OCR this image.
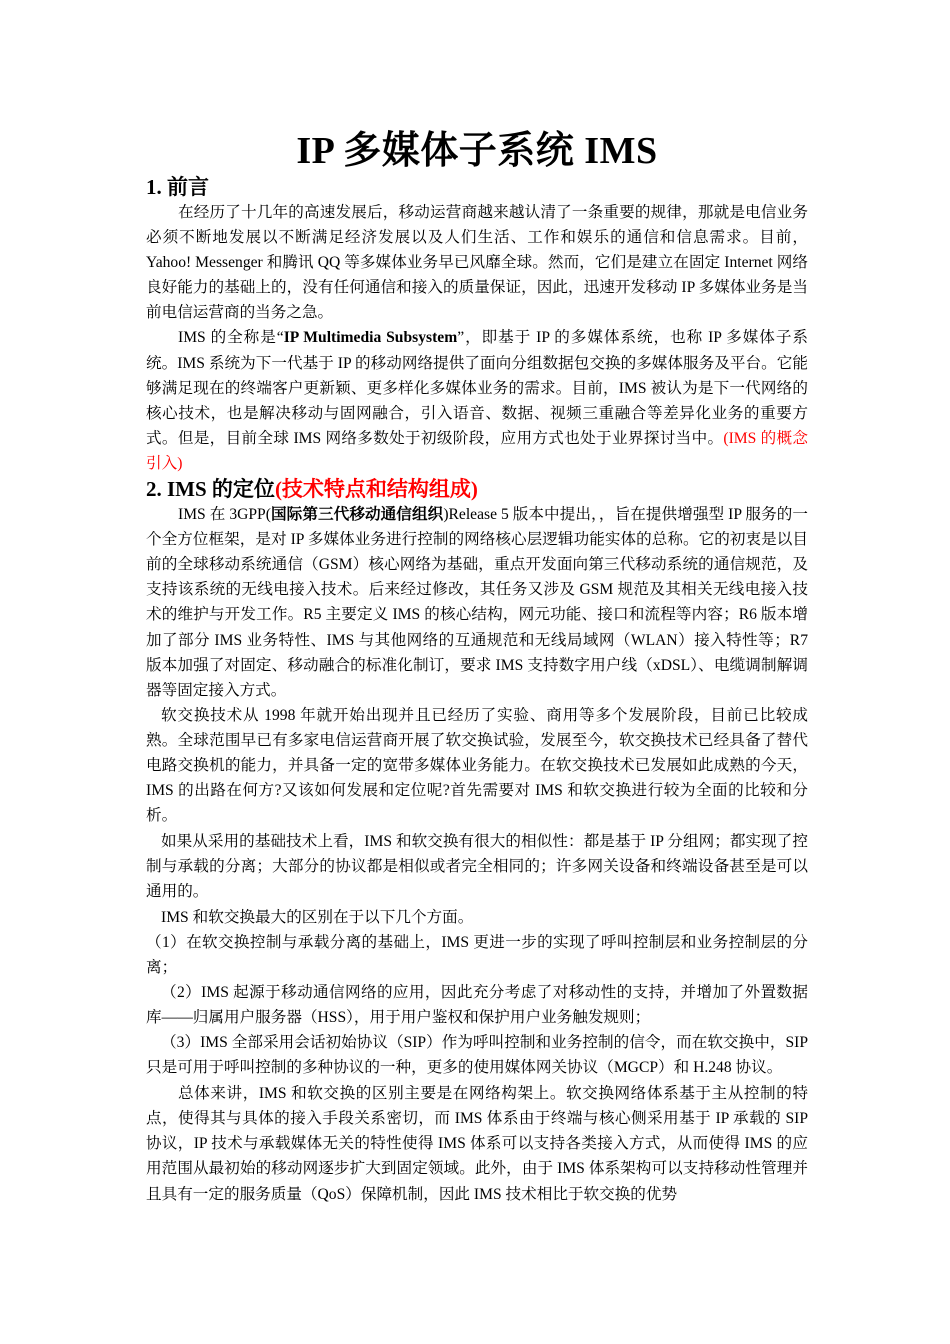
IP 多媒体子系统 IMS
1. 前言

在经历了十几年的高速发展后，移动运营商越来越认清了一条重要的规律，那就是电信业务必须不断地发展以不断满足经济发展以及人们生活、工作和娱乐的通信和信息需求。目前，Yahoo! Messenger 和腾讯 QQ 等多媒体业务早已风靡全球。然而，它们是建立在固定 Internet 网络良好能力的基础上的，没有任何通信和接入的质量保证，因此，迅速开发移动 IP 多媒体业务是当前电信运营商的当务之急。

IMS 的全称是“IP Multimedia Subsystem”，即基于 IP 的多媒体系统，也称 IP 多媒体子系统。IMS 系统为下一代基于 IP 的移动网络提供了面向分组数据包交换的多媒体服务及平台。它能够满足现在的终端客户更新颖、更多样化多媒体业务的需求。目前，IMS 被认为是下一代网络的核心技术，也是解决移动与固网融合，引入语音、数据、视频三重融合等差异化业务的重要方式。但是，目前全球 IMS 网络多数处于初级阶段，应用方式也处于业界探讨当中。(IMS 的概念引入)

2. IMS 的定位(技术特点和结构组成)

IMS 在 3GPP(国际第三代移动通信组织)Release 5 版本中提出，，旨在提供增强型 IP 服务的一个全方位框架，是对 IP 多媒体业务进行控制的网络核心层逻辑功能实体的总称。它的初衷是以目前的全球移动系统通信（GSM）核心网络为基础，重点开发面向第三代移动系统的通信规范，及支持该系统的无线电接入技术。后来经过修改，其任务又涉及 GSM 规范及其相关无线电接入技术的维护与开发工作。R5 主要定义 IMS 的核心结构，网元功能、接口和流程等内容；R6 版本增加了部分 IMS 业务特性、IMS 与其他网络的互通规范和无线局域网（WLAN）接入特性等；R7 版本加强了对固定、移动融合的标准化制订，要求 IMS 支持数字用户线（xDSL）、电缆调制解调器等固定接入方式。

软交换技术从 1998 年就开始出现并且已经历了实验、商用等多个发展阶段，目前已比较成熟。全球范围早已有多家电信运营商开展了软交换试验，发展至今，软交换技术已经具备了替代电路交换机的能力，并具备一定的宽带多媒体业务能力。在软交换技术已发展如此成熟的今天，IMS 的出路在何方?又该如何发展和定位呢?首先需要对 IMS 和软交换进行较为全面的比较和分析。

如果从采用的基础技术上看，IMS 和软交换有很大的相似性：都是基于 IP 分组网；都实现了控制与承载的分离；大部分的协议都是相似或者完全相同的；许多网关设备和终端设备甚至是可以通用的。

IMS 和软交换最大的区别在于以下几个方面。

（1）在软交换控制与承载分离的基础上，IMS 更进一步的实现了呼叫控制层和业务控制层的分离；

（2）IMS 起源于移动通信网络的应用，因此充分考虑了对移动性的支持，并增加了外置数据库——归属用户服务器（HSS），用于用户鉴权和保护用户业务触发规则；

（3）IMS 全部采用会话初始协议（SIP）作为呼叫控制和业务控制的信令，而在软交换中，SIP 只是可用于呼叫控制的多种协议的一种，更多的使用媒体网关协议（MGCP）和 H.248 协议。

总体来讲，IMS 和软交换的区别主要是在网络构架上。软交换网络体系基于主从控制的特点，使得其与具体的接入手段关系密切，而 IMS 体系由于终端与核心侧采用基于 IP 承载的 SIP 协议，IP 技术与承载媒体无关的特性使得 IMS 体系可以支持各类接入方式，从而使得 IMS 的应用范围从最初始的移动网逐步扩大到固定领域。此外，由于 IMS 体系架构可以支持移动性管理并且具有一定的服务质量（QoS）保障机制，因此 IMS 技术相比于软交换的优势
